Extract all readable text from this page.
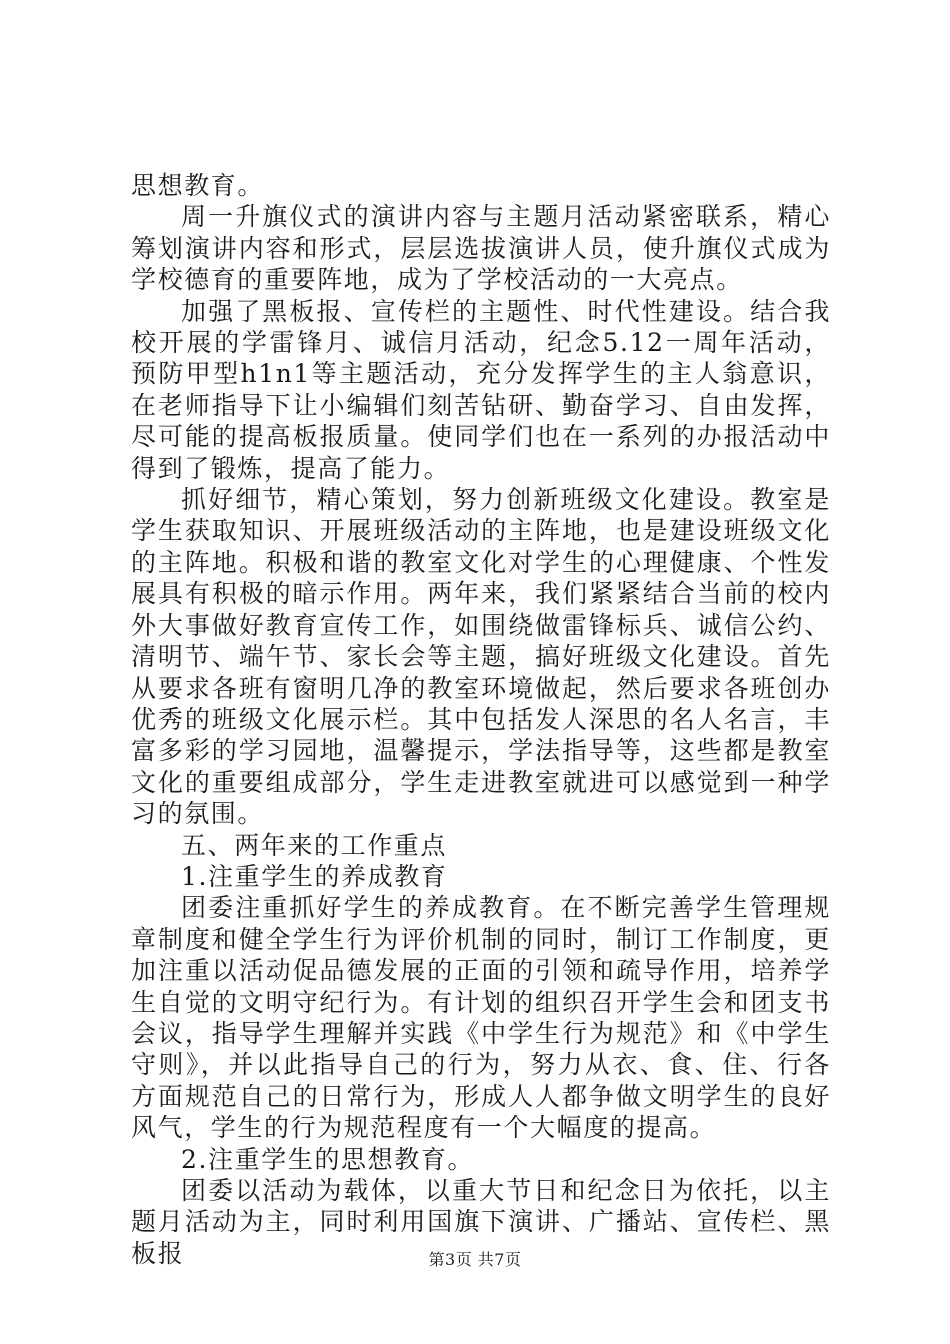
思想教育。

周一升旗仪式的演讲内容与主题月活动紧密联系，精心筹划演讲内容和形式，层层选拔演讲人员，使升旗仪式成为学校德育的重要阵地，成为了学校活动的一大亮点。

加强了黑板报、宣传栏的主题性、时代性建设。结合我校开展的学雷锋月、诚信月活动，纪念5.12一周年活动，预防甲型h1n1等主题活动，充分发挥学生的主人翁意识，在老师指导下让小编辑们刻苦钻研、勤奋学习、自由发挥，尽可能的提高板报质量。使同学们也在一系列的办报活动中得到了锻炼，提高了能力。

抓好细节，精心策划，努力创新班级文化建设。教室是学生获取知识、开展班级活动的主阵地，也是建设班级文化的主阵地。积极和谐的教室文化对学生的心理健康、个性发展具有积极的暗示作用。两年来，我们紧紧结合当前的校内外大事做好教育宣传工作，如围绕做雷锋标兵、诚信公约、清明节、端午节、家长会等主题，搞好班级文化建设。首先从要求各班有窗明几净的教室环境做起，然后要求各班创办优秀的班级文化展示栏。其中包括发人深思的名人名言，丰富多彩的学习园地，温馨提示，学法指导等，这些都是教室文化的重要组成部分，学生走进教室就进可以感觉到一种学习的氛围。

五、两年来的工作重点

1.注重学生的养成教育

团委注重抓好学生的养成教育。在不断完善学生管理规章制度和健全学生行为评价机制的同时，制订工作制度，更加注重以活动促品德发展的正面的引领和疏导作用，培养学生自觉的文明守纪行为。有计划的组织召开学生会和团支书会议，指导学生理解并实践《中学生行为规范》和《中学生守则》，并以此指导自己的行为，努力从衣、食、住、行各方面规范自己的日常行为，形成人人都争做文明学生的良好风气，学生的行为规范程度有一个大幅度的提高。

2.注重学生的思想教育。

团委以活动为载体，以重大节日和纪念日为依托，以主题月活动为主，同时利用国旗下演讲、广播站、宣传栏、黑板报	第3页 共7页
